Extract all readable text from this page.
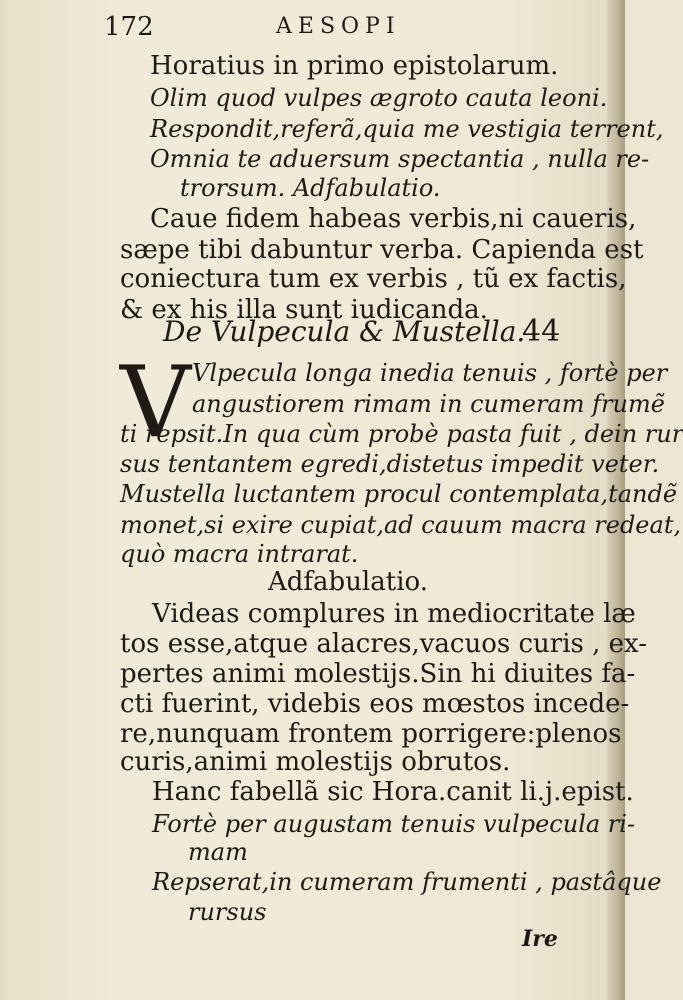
172	AESOPI
Horatius in primo epistolarum.
Olim quod vulpes ægroto cauta leoni.
Respondit,referã,quia me vestigia terrent,
Omnia te aduersum spectantia , nulla re-
trorsum. Adfabulatio.
Caue fidem habeas verbis,ni caueris,
sæpe tibi dabuntur verba. Capienda est
coniectura tum ex verbis , tũ ex factis,
& ex his illa sunt iudicanda.
De Vulpecula & Mustella.
44
V Vlpecula longa inedia tenuis , fortè per
angustiorem rimam in cumeram frumẽ
ti repsit.In qua cùm probè pasta fuit , dein rur
sus tentantem egredi,distetus impedit veter.
Mustella luctantem procul contemplata,tandẽ
monet,si exire cupiat,ad cauum macra redeat,
quò macra intrarat.
Adfabulatio.
Videas complures in mediocritate læ
tos esse,atque alacres,vacuos curis , ex-
pertes animi molestijs.Sin hi diuites fa-
cti fuerint, videbis eos mœstos incede-
re,nunquam frontem porrigere:plenos
curis,animi molestijs obrutos.
Hanc fabellã sic Hora.canit li.j.epist.
Fortè per augustam tenuis vulpecula ri-
mam
Repserat,in cumeram frumenti , pastâque
rursus
Ire
